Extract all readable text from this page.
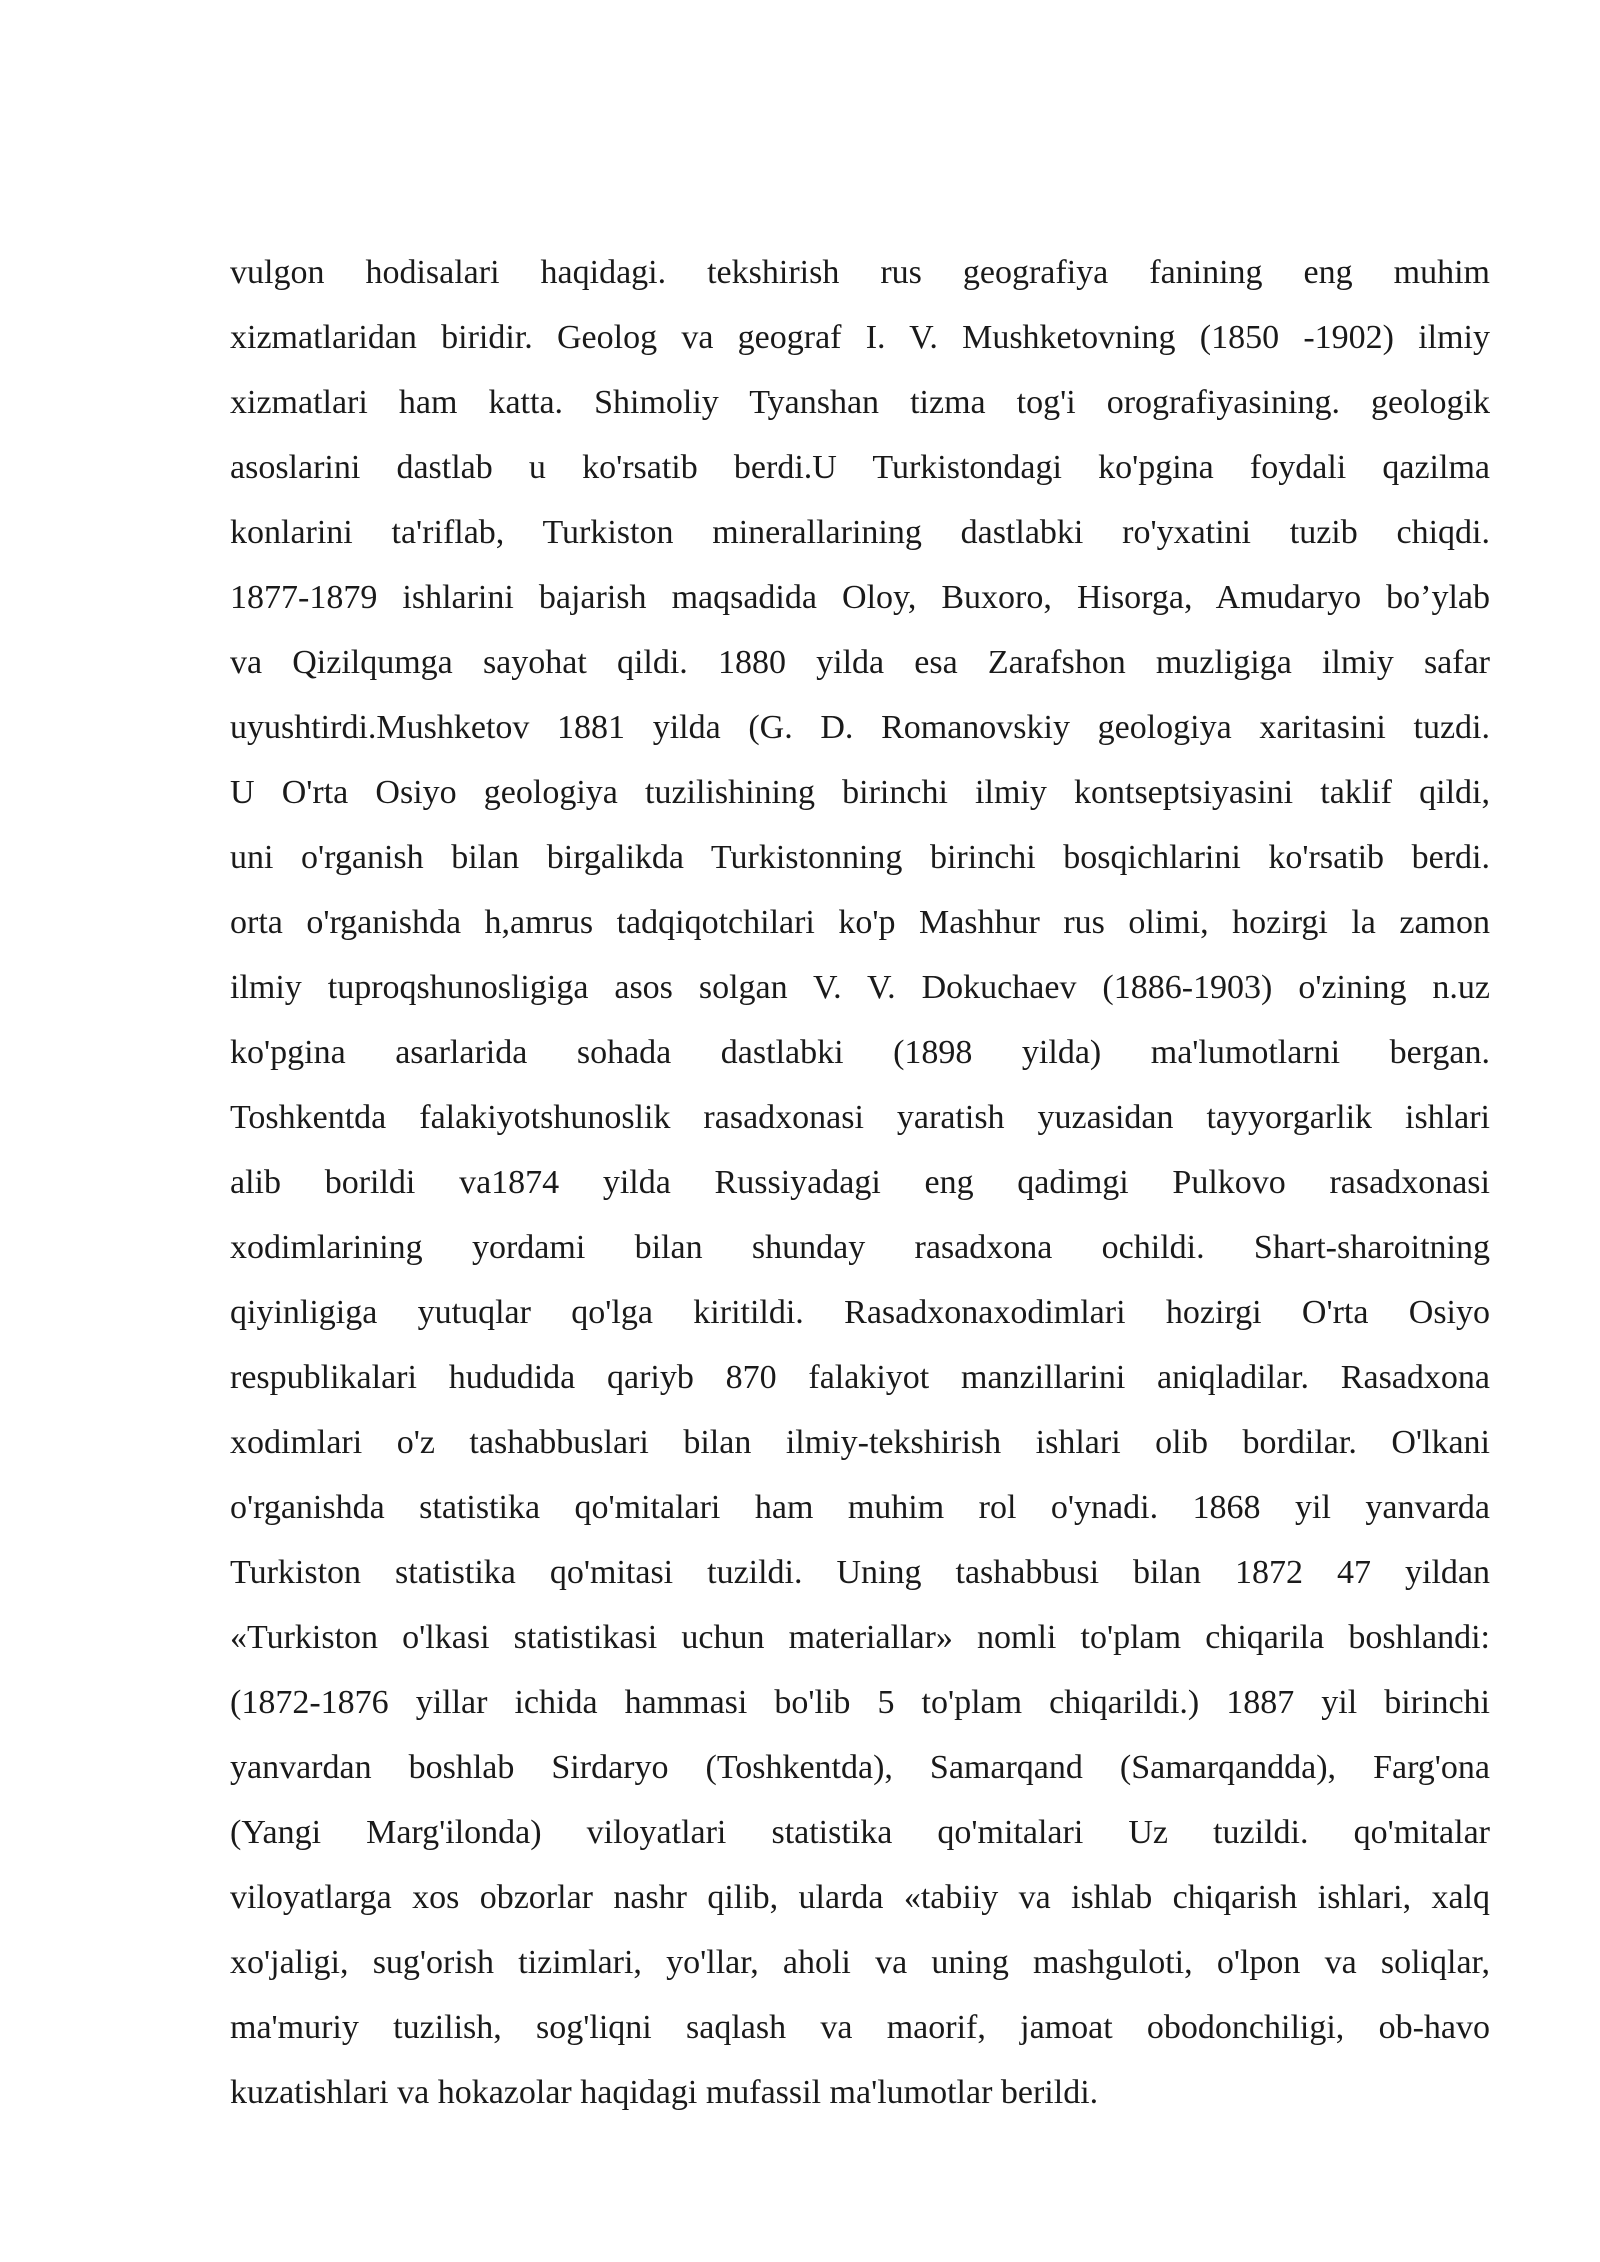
vulgon hodisalari haqidagi. tekshirish rus geografiya fanining eng muhim
xizmatlaridan biridir. Geolog va geograf I. V. Mushketovning (1850 -1902) ilmiy
xizmatlari ham katta. Shimoliy Tyanshan tizma tog'i orografiyasining. geologik
asoslarini dastlab u ko'rsatib berdi.U Turkistondagi ko'pgina foydali qazilma
konlarini ta'riflab, Turkiston minerallarining dastlabki ro'yxatini tuzib chiqdi.
1877-1879 ishlarini bajarish maqsadida Oloy, Buxoro, Hisorga, Amudaryo bo’ylab
va Qizilqumga sayohat qildi. 1880 yilda esa Zarafshon muzligiga ilmiy safar
uyushtirdi.Mushketov 1881 yilda (G. D. Romanovskiy geologiya xaritasini tuzdi.
U O'rta Osiyo geologiya tuzilishining birinchi ilmiy kontseptsiyasini taklif qildi,
uni o'rganish bilan birgalikda Turkistonning birinchi bosqichlarini ko'rsatib berdi.
orta o'rganishda h,amrus tadqiqotchilari ko'p Mashhur rus olimi, hozirgi la zamon
ilmiy tuproqshunosligiga asos solgan V. V. Dokuchaev (1886-1903) o'zining n.uz
ko'pgina asarlarida sohada dastlabki (1898 yilda) ma'lumotlarni bergan.
Toshkentda falakiyotshunoslik rasadxonasi yaratish yuzasidan tayyorgarlik ishlari
alib borildi va1874 yilda Russiyadagi eng qadimgi Pulkovo rasadxonasi
xodimlarining yordami bilan shunday rasadxona ochildi. Shart-sharoitning
qiyinligiga yutuqlar qo'lga kiritildi. Rasadxonaxodimlari hozirgi O'rta Osiyo
respublikalari hududida qariyb 870 falakiyot manzillarini aniqladilar. Rasadxona
xodimlari o'z tashabbuslari bilan ilmiy-tekshirish ishlari olib bordilar. O'lkani
o'rganishda statistika qo'mitalari ham muhim rol o'ynadi. 1868 yil yanvarda
Turkiston statistika qo'mitasi tuzildi. Uning tashabbusi bilan 1872 47 yildan
«Turkiston o'lkasi statistikasi uchun materiallar» nomli to'plam chiqarila boshlandi:
(1872-1876 yillar ichida hammasi bo'lib 5 to'plam chiqarildi.) 1887 yil birinchi
yanvardan boshlab Sirdaryo (Toshkentda), Samarqand (Samarqandda), Farg'ona
(Yangi Marg'ilonda) viloyatlari statistika qo'mitalari Uz tuzildi. qo'mitalar
viloyatlarga xos obzorlar nashr qilib, ularda «tabiiy va ishlab chiqarish ishlari, xalq
xo'jaligi, sug'orish tizimlari, yo'llar, aholi va uning mashguloti, o'lpon va soliqlar,
ma'muriy tuzilish, sog'liqni saqlash va maorif, jamoat obodonchiligi, ob-havo
kuzatishlari va hokazolar haqidagi mufassil ma'lumotlar berildi.
